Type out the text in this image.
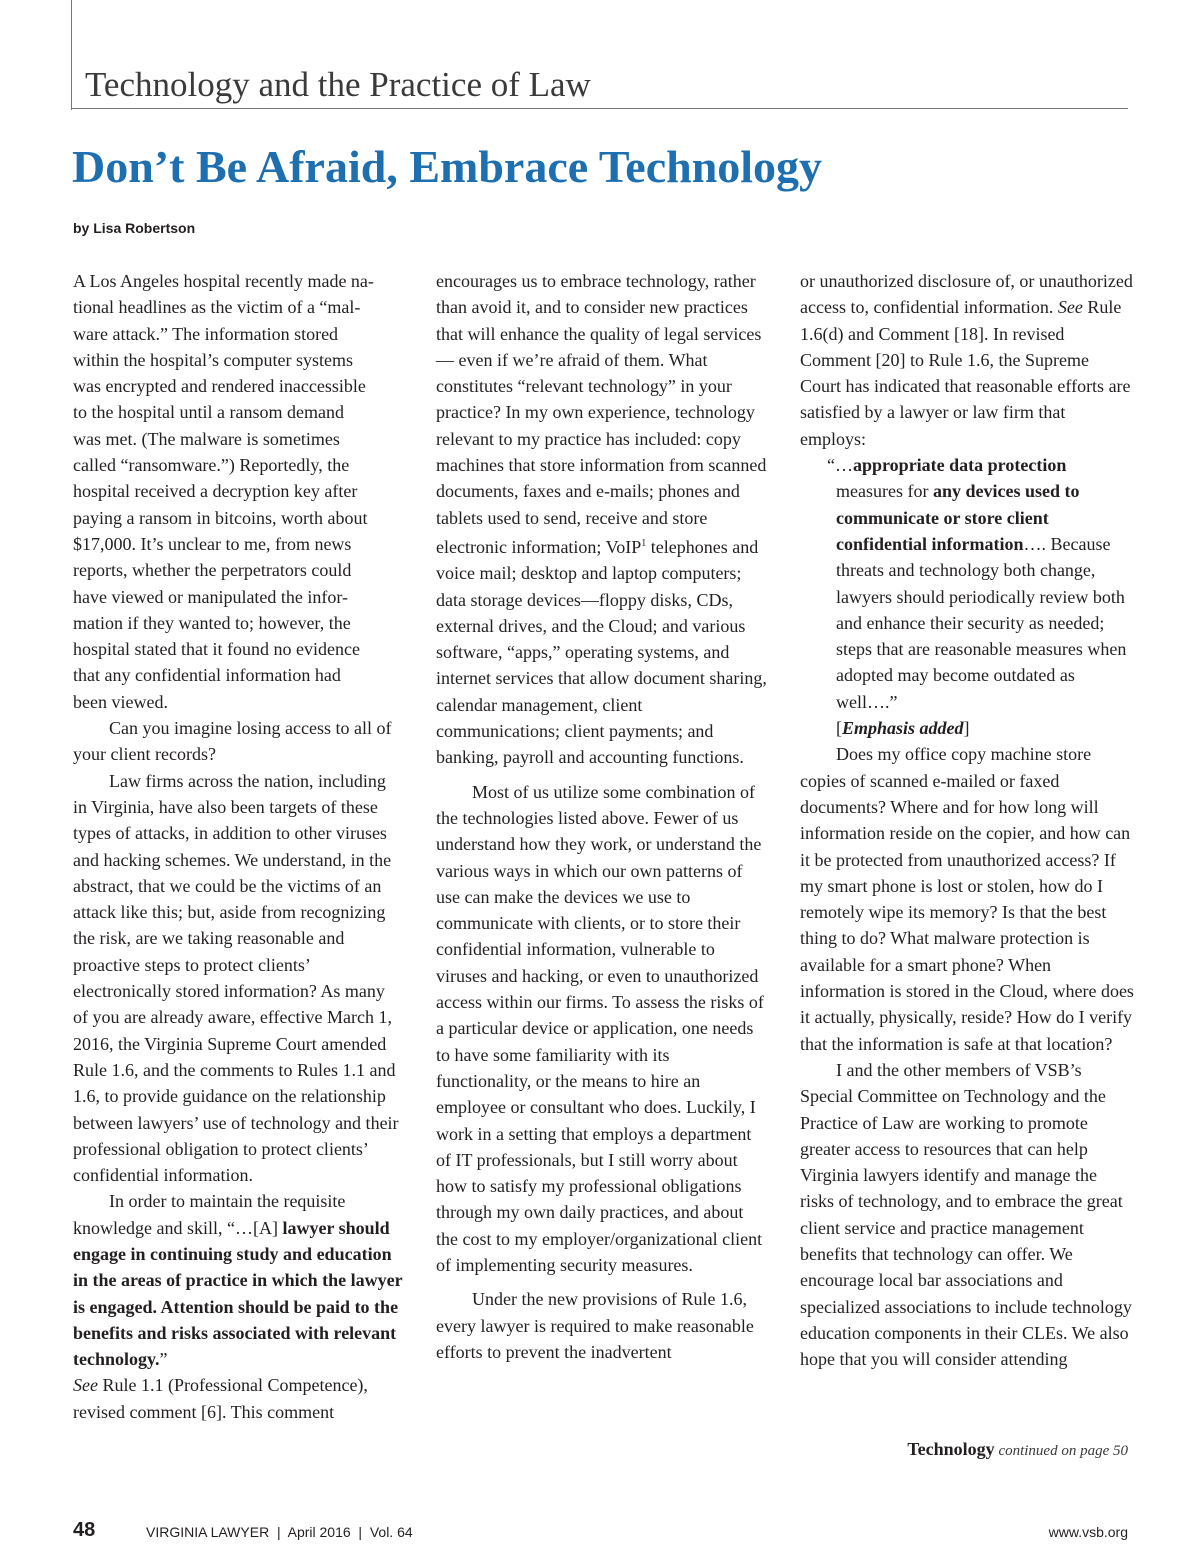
Technology and the Practice of Law
Don’t Be Afraid, Embrace Technology
by Lisa Robertson
A Los Angeles hospital recently made na-
tional headlines as the victim of a “mal-
ware attack.” The information stored
within the hospital’s computer systems
was encrypted and rendered inaccessible
to the hospital until a ransom demand
was met. (The malware is sometimes
called “ransomware.”) Reportedly, the
hospital received a decryption key after
paying a ransom in bitcoins, worth about
$17,000. It’s unclear to me, from news
reports, whether the perpetrators could
have viewed or manipulated the infor-
mation if they wanted to; however, the
hospital stated that it found no evidence
that any confidential information had
been viewed.

Can you imagine losing access to all of your client records?

Law firms across the nation, including in Virginia, have also been targets of these types of attacks, in addition to other viruses and hacking schemes. We understand, in the abstract, that we could be the victims of an attack like this; but, aside from recognizing the risk, are we taking reasonable and proactive steps to protect clients’ electronically stored information? As many of you are already aware, effective March 1, 2016, the Virginia Supreme Court amended Rule 1.6, and the comments to Rules 1.1 and 1.6, to provide guidance on the relationship between lawyers’ use of technology and their professional obligation to protect clients’ confidential information.

In order to maintain the requisite knowledge and skill, “…[A] lawyer should engage in continuing study and education in the areas of practice in which the lawyer is engaged. Attention should be paid to the benefits and risks associated with relevant technology.”
See Rule 1.1 (Professional Competence), revised comment [6]. This comment

encourages us to embrace technology, rather than avoid it, and to consider new practices that will enhance the quality of legal services — even if we’re afraid of them. What constitutes “relevant technology” in your practice? In my own experience, technology relevant to my practice has included: copy machines that store information from scanned documents, faxes and e-mails; phones and tablets used to send, receive and store electronic information; VoIP$^1$ telephones and voice mail; desktop and laptop computers; data storage devices—floppy disks, CDs, external drives, and the Cloud; and various software, “apps,” operating systems, and internet services that allow document sharing, calendar management, client communications; client payments; and banking, payroll and accounting functions.

Most of us utilize some combination of the technologies listed above. Fewer of us understand how they work, or understand the various ways in which our own patterns of use can make the devices we use to communicate with clients, or to store their confidential information, vulnerable to viruses and hacking, or even to unauthorized access within our firms. To assess the risks of a particular device or application, one needs to have some familiarity with its functionality, or the means to hire an employee or consultant who does. Luckily, I work in a setting that employs a department of IT professionals, but I still worry about how to satisfy my professional obligations through my own daily practices, and about the cost to my employer/organizational client of implementing security measures.

Under the new provisions of Rule 1.6, every lawyer is required to make reasonable efforts to prevent the inadvertent

or unauthorized disclosure of, or unauthorized access to, confidential information. See Rule 1.6(d) and Comment [18]. In revised Comment [20] to Rule 1.6, the Supreme Court has indicated that reasonable efforts are satisfied by a lawyer or law firm that employs:

“…appropriate data protection measures for any devices used to communicate or store client confidential information…. Because threats and technology both change, lawyers should periodically review both and enhance their security as needed; steps that are reasonable measures when adopted may become outdated as well….”
[Emphasis added]

Does my office copy machine store copies of scanned e-mailed or faxed documents? Where and for how long will information reside on the copier, and how can it be protected from unauthorized access? If my smart phone is lost or stolen, how do I remotely wipe its memory? Is that the best thing to do? What malware protection is available for a smart phone? When information is stored in the Cloud, where does it actually, physically, reside? How do I verify that the information is safe at that location?

I and the other members of VSB’s Special Committee on Technology and the Practice of Law are working to promote greater access to resources that can help Virginia lawyers identify and manage the risks of technology, and to embrace the great client service and practice management benefits that technology can offer. We encourage local bar associations and specialized associations to include technology education components in their CLEs. We also hope that you will consider attending

Technology continued on page 50
48	VIRGINIA LAWYER  |  April 2016  |  Vol. 64	www.vsb.org
